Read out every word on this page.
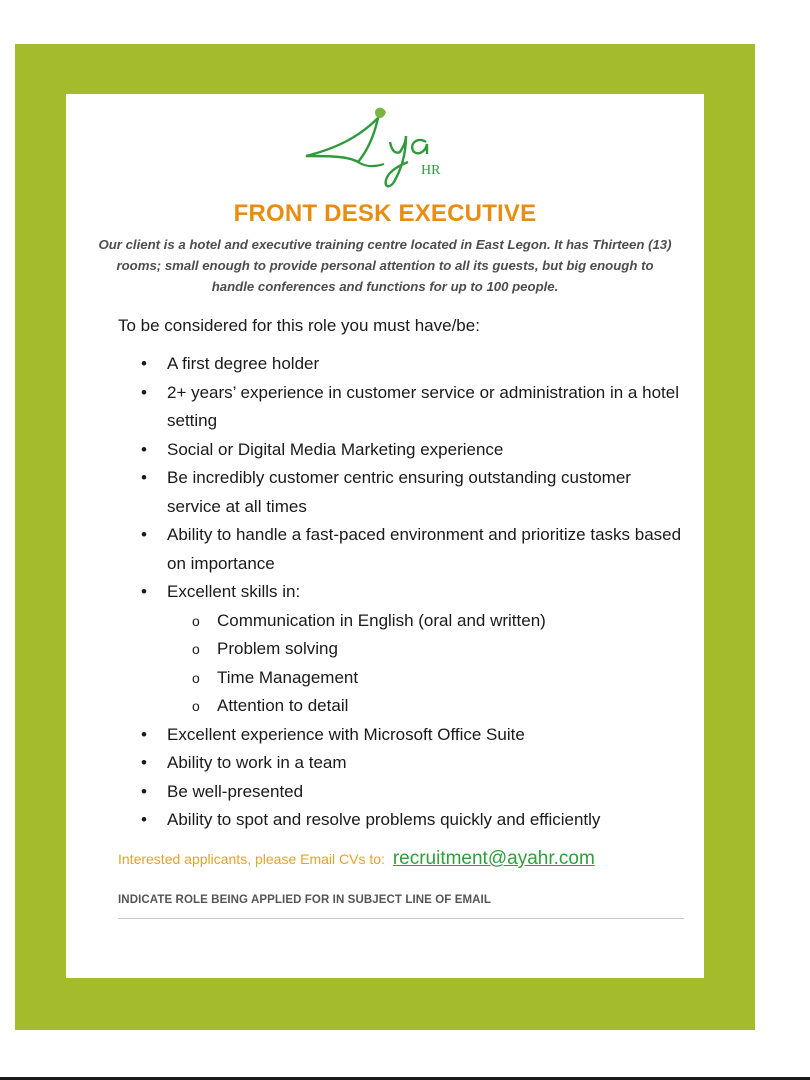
Aya
HR
FRONT DESK EXECUTIVE
Our client is a hotel and executive training centre located in East Legon. It has Thirteen (13) rooms; small enough to provide personal attention to all its guests, but big enough to handle conferences and functions for up to 100 people.
To be considered for this role you must have/be:
• A first degree holder
• 2+ years’ experience in customer service or administration in a hotel setting
• Social or Digital Media Marketing experience
• Be incredibly customer centric ensuring outstanding customer service at all times
• Ability to handle a fast-paced environment and prioritize tasks based on importance
• Excellent skills in:
o Communication in English (oral and written)
o Problem solving
o Time Management
o Attention to detail
• Excellent experience with Microsoft Office Suite
• Ability to work in a team
• Be well-presented
• Ability to spot and resolve problems quickly and efficiently
Interested applicants, please Email CVs to: recruitment@ayahr.com
INDICATE ROLE BEING APPLIED FOR IN SUBJECT LINE OF EMAIL
